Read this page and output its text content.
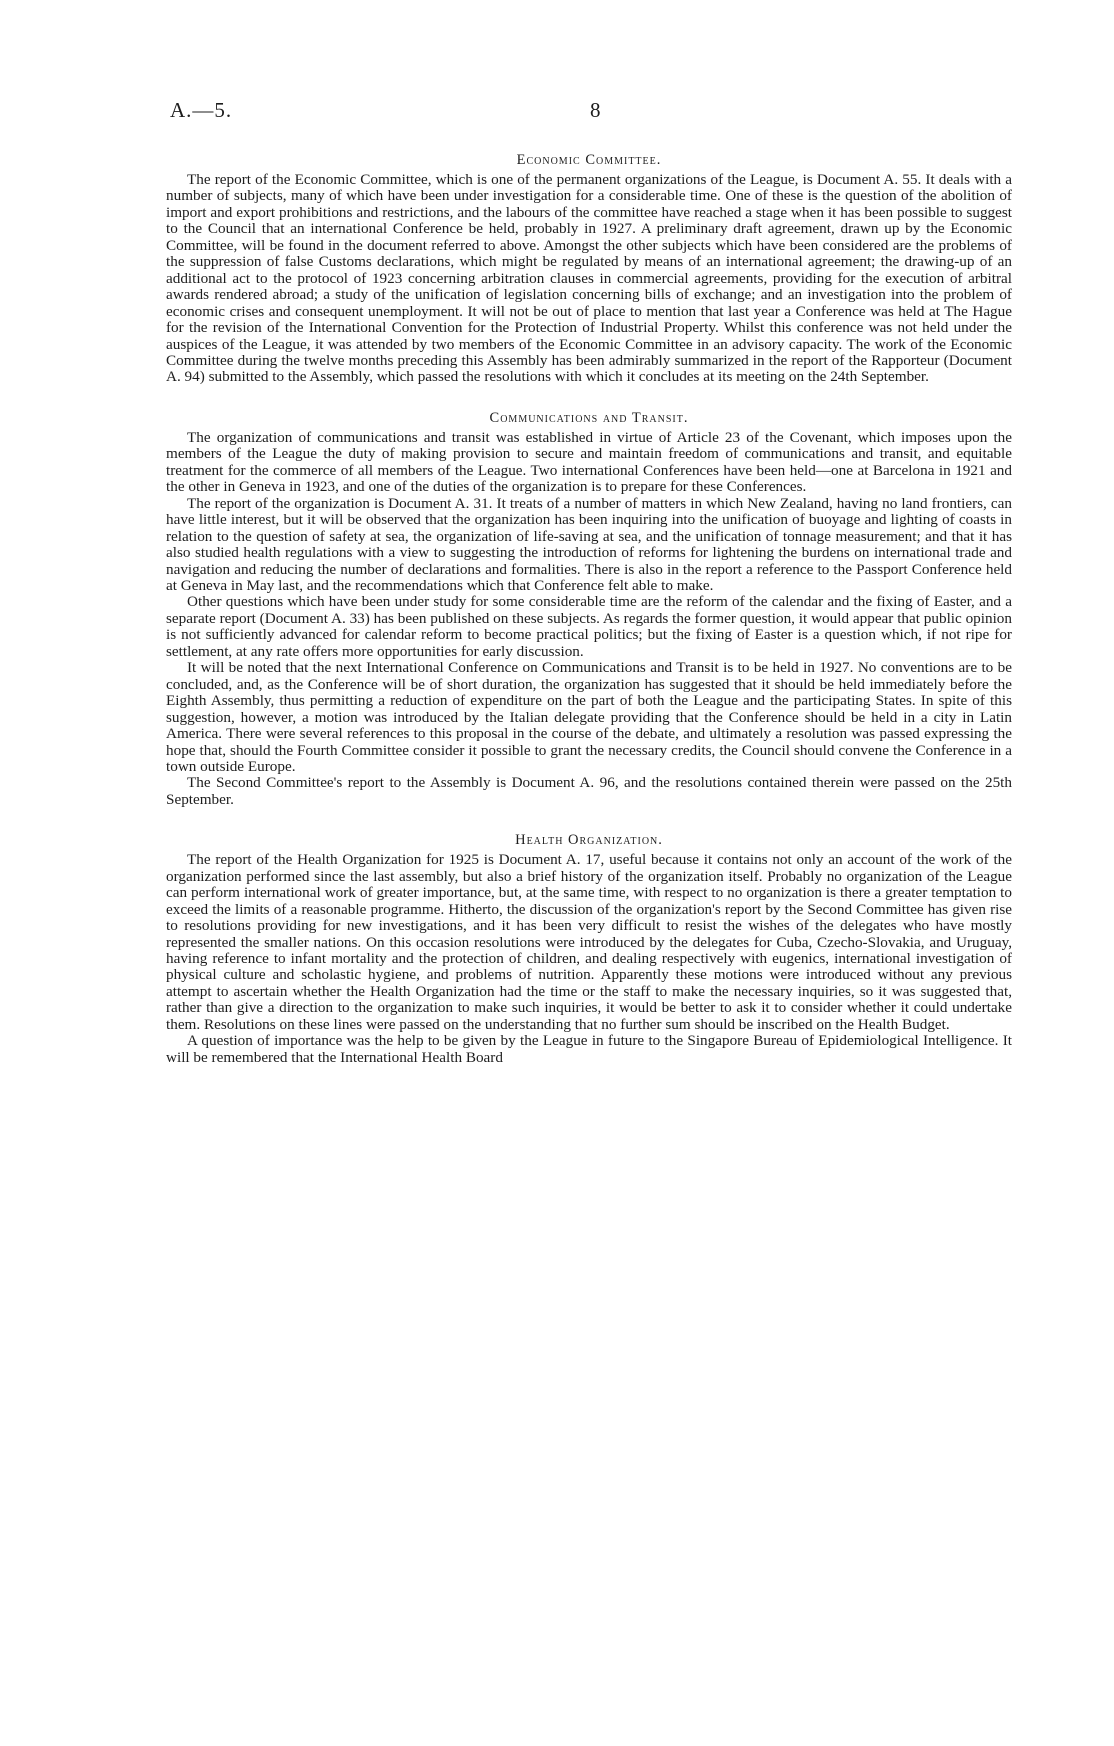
A.—5.	8
Economic Committee.

The report of the Economic Committee, which is one of the permanent organizations of the League, is Document A. 55. It deals with a number of subjects, many of which have been under investigation for a considerable time. One of these is the question of the abolition of import and export prohibitions and restrictions, and the labours of the committee have reached a stage when it has been possible to suggest to the Council that an international Conference be held, probably in 1927. A preliminary draft agreement, drawn up by the Economic Committee, will be found in the document referred to above. Amongst the other subjects which have been considered are the problems of the suppression of false Customs declarations, which might be regulated by means of an international agreement; the drawing-up of an additional act to the protocol of 1923 concerning arbitration clauses in commercial agreements, providing for the execution of arbitral awards rendered abroad; a study of the unification of legislation concerning bills of exchange; and an investigation into the problem of economic crises and consequent unemployment. It will not be out of place to mention that last year a Conference was held at The Hague for the revision of the International Convention for the Protection of Industrial Property. Whilst this conference was not held under the auspices of the League, it was attended by two members of the Economic Committee in an advisory capacity. The work of the Economic Committee during the twelve months preceding this Assembly has been admirably summarized in the report of the Rapporteur (Document A. 94) submitted to the Assembly, which passed the resolutions with which it concludes at its meeting on the 24th September.

Communications and Transit.

The organization of communications and transit was established in virtue of Article 23 of the Covenant, which imposes upon the members of the League the duty of making provision to secure and maintain freedom of communications and transit, and equitable treatment for the commerce of all members of the League. Two international Conferences have been held—one at Barcelona in 1921 and the other in Geneva in 1923, and one of the duties of the organization is to prepare for these Conferences.

The report of the organization is Document A. 31. It treats of a number of matters in which New Zealand, having no land frontiers, can have little interest, but it will be observed that the organization has been inquiring into the unification of buoyage and lighting of coasts in relation to the question of safety at sea, the organization of life-saving at sea, and the unification of tonnage measurement; and that it has also studied health regulations with a view to suggesting the introduction of reforms for lightening the burdens on international trade and navigation and reducing the number of declarations and formalities. There is also in the report a reference to the Passport Conference held at Geneva in May last, and the recommendations which that Conference felt able to make.

Other questions which have been under study for some considerable time are the reform of the calendar and the fixing of Easter, and a separate report (Document A. 33) has been published on these subjects. As regards the former question, it would appear that public opinion is not sufficiently advanced for calendar reform to become practical politics; but the fixing of Easter is a question which, if not ripe for settlement, at any rate offers more opportunities for early discussion.

It will be noted that the next International Conference on Communications and Transit is to be held in 1927. No conventions are to be concluded, and, as the Conference will be of short duration, the organization has suggested that it should be held immediately before the Eighth Assembly, thus permitting a reduction of expenditure on the part of both the League and the participating States. In spite of this suggestion, however, a motion was introduced by the Italian delegate providing that the Conference should be held in a city in Latin America. There were several references to this proposal in the course of the debate, and ultimately a resolution was passed expressing the hope that, should the Fourth Committee consider it possible to grant the necessary credits, the Council should convene the Conference in a town outside Europe.

The Second Committee's report to the Assembly is Document A. 96, and the resolutions contained therein were passed on the 25th September.

Health Organization.

The report of the Health Organization for 1925 is Document A. 17, useful because it contains not only an account of the work of the organization performed since the last assembly, but also a brief history of the organization itself. Probably no organization of the League can perform international work of greater importance, but, at the same time, with respect to no organization is there a greater temptation to exceed the limits of a reasonable programme. Hitherto, the discussion of the organization's report by the Second Committee has given rise to resolutions providing for new investigations, and it has been very difficult to resist the wishes of the delegates who have mostly represented the smaller nations. On this occasion resolutions were introduced by the delegates for Cuba, Czecho-Slovakia, and Uruguay, having reference to infant mortality and the protection of children, and dealing respectively with eugenics, international investigation of physical culture and scholastic hygiene, and problems of nutrition. Apparently these motions were introduced without any previous attempt to ascertain whether the Health Organization had the time or the staff to make the necessary inquiries, so it was suggested that, rather than give a direction to the organization to make such inquiries, it would be better to ask it to consider whether it could undertake them. Resolutions on these lines were passed on the understanding that no further sum should be inscribed on the Health Budget.

A question of importance was the help to be given by the League in future to the Singapore Bureau of Epidemiological Intelligence. It will be remembered that the International Health Board
